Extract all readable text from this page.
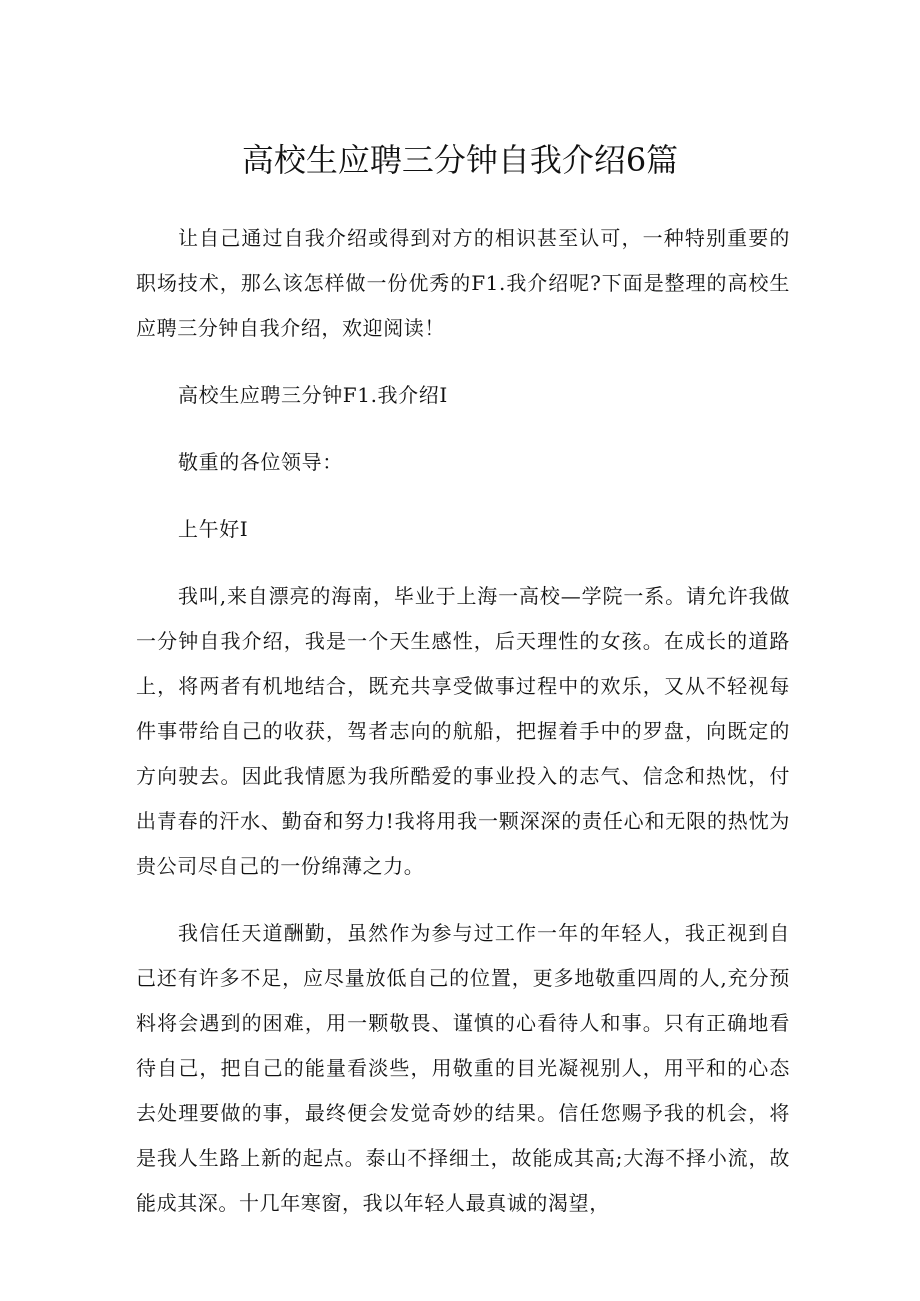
高校生应聘三分钟自我介绍6篇

让自己通过自我介绍或得到对方的相识甚至认可，一种特别重要的职场技术，那么该怎样做一份优秀的F1.我介绍呢?下面是整理的高校生应聘三分钟自我介绍，欢迎阅读！

高校生应聘三分钟F1.我介绍I

敬重的各位领导：

上午好I

我叫,来自漂亮的海南，毕业于上海一高校—学院一系。请允许我做一分钟自我介绍，我是一个天生感性，后天理性的女孩。在成长的道路上，将两者有机地结合，既充共享受做事过程中的欢乐，又从不轻视每件事带给自己的收获，驾者志向的航船，把握着手中的罗盘，向既定的方向驶去。因此我情愿为我所酷爱的事业投入的志气、信念和热忱，付出青春的汗水、勤奋和努力!我将用我一颗深深的责任心和无限的热忱为贵公司尽自己的一份绵薄之力。

我信任天道酬勤，虽然作为参与过工作一年的年轻人，我正视到自己还有许多不足，应尽量放低自己的位置，更多地敬重四周的人,充分预料将会遇到的困难，用一颗敬畏、谨慎的心看待人和事。只有正确地看待自己，把自己的能量看淡些，用敬重的目光凝视别人，用平和的心态去处理要做的事，最终便会发觉奇妙的结果。信任您赐予我的机会，将是我人生路上新的起点。泰山不择细土，故能成其高;大海不择小流，故能成其深。十几年寒窗，我以年轻人最真诚的渴望，
